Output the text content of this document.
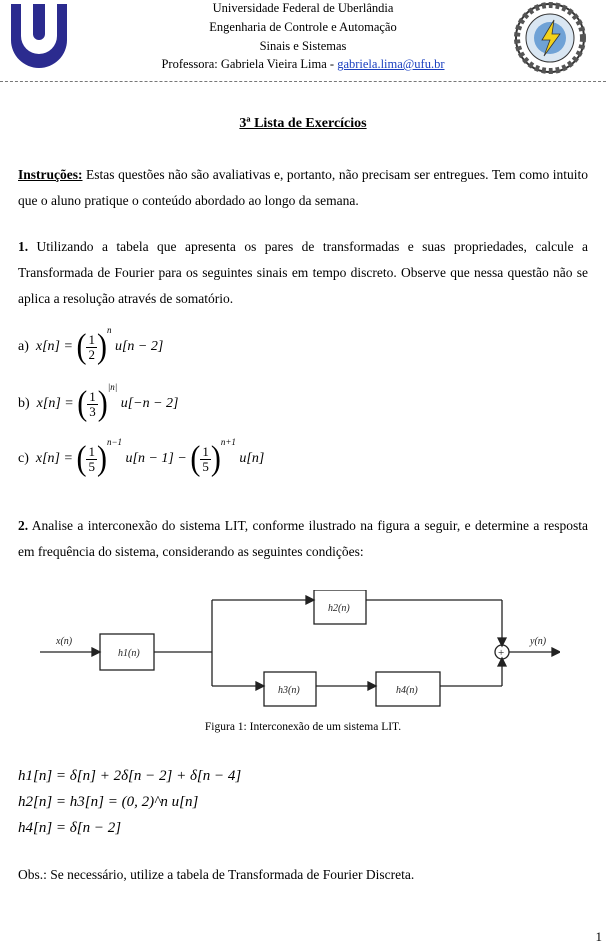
Universidade Federal de Uberlândia
Engenharia de Controle e Automação
Sinais e Sistemas
Professora: Gabriela Vieira Lima - gabriela.lima@ufu.br
3ª Lista de Exercícios
Instruções: Estas questões não são avaliativas e, portanto, não precisam ser entregues. Tem como intuito que o aluno pratique o conteúdo abordado ao longo da semana.
1. Utilizando a tabela que apresenta os pares de transformadas e suas propriedades, calcule a Transformada de Fourier para os seguintes sinais em tempo discreto. Observe que nessa questão não se aplica a resolução através de somatório.
a) x[n] = ( $\frac{1}{2} )^n$ u[n − 2]
b) x[n] = ( $\frac{1}{3} )^{|n|}$ u[−n − 2]
c) x[n] = ( $\frac{1}{5} )^{n-1}$ u[n − 1] − ( $\frac{1}{5} )^{n+1}$ u[n]
2. Analise a interconexão do sistema LIT, conforme ilustrado na figura a seguir, e determine a resposta em frequência do sistema, considerando as seguintes condições:
x(n)
h1(n)
h2(n)
h3(n)	h4(n)
y(n)
+
Figura 1: Interconexão de um sistema LIT.
h1[n] = δ[n] + 2δ[n − 2] + δ[n − 4]
h2[n] = h3[n] = (0, 2)^n u[n]
h4[n] = δ[n − 2]
Obs.: Se necessário, utilize a tabela de Transformada de Fourier Discreta.
1
